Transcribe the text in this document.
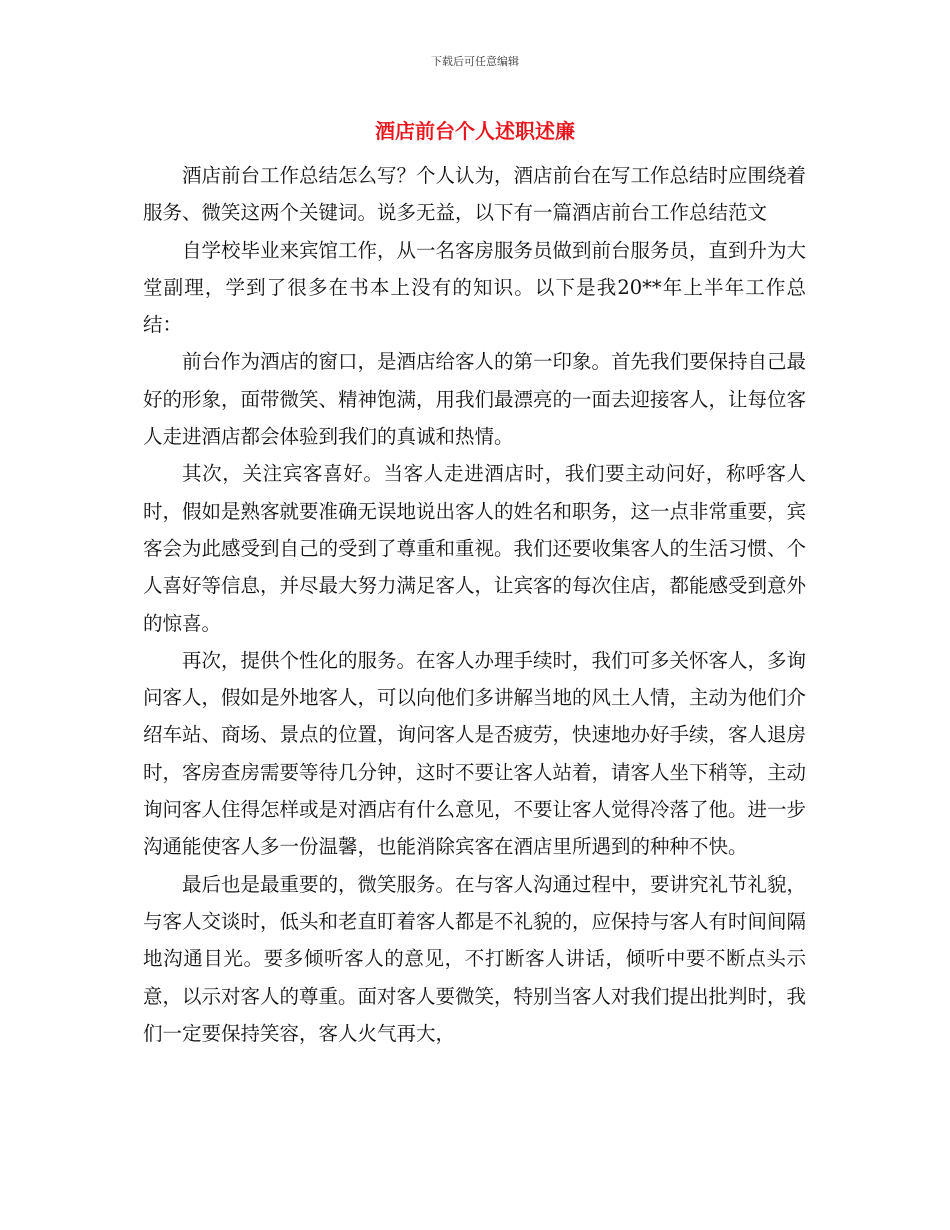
下载后可任意编辑
酒店前台个人述职述廉

酒店前台工作总结怎么写？个人认为，酒店前台在写工作总结时应围绕着服务、微笑这两个关键词。说多无益，以下有一篇酒店前台工作总结范文

自学校毕业来宾馆工作，从一名客房服务员做到前台服务员，直到升为大堂副理，学到了很多在书本上没有的知识。以下是我20**年上半年工作总结：

前台作为酒店的窗口，是酒店给客人的第一印象。首先我们要保持自己最好的形象，面带微笑、精神饱满，用我们最漂亮的一面去迎接客人，让每位客人走进酒店都会体验到我们的真诚和热情。

其次，关注宾客喜好。当客人走进酒店时，我们要主动问好，称呼客人时，假如是熟客就要准确无误地说出客人的姓名和职务，这一点非常重要，宾客会为此感受到自己的受到了尊重和重视。我们还要收集客人的生活习惯、个人喜好等信息，并尽最大努力满足客人，让宾客的每次住店，都能感受到意外的惊喜。

再次，提供个性化的服务。在客人办理手续时，我们可多关怀客人，多询问客人，假如是外地客人，可以向他们多讲解当地的风土人情，主动为他们介绍车站、商场、景点的位置，询问客人是否疲劳，快速地办好手续，客人退房时，客房查房需要等待几分钟，这时不要让客人站着，请客人坐下稍等，主动询问客人住得怎样或是对酒店有什么意见，不要让客人觉得冷落了他。进一步沟通能使客人多一份温馨，也能消除宾客在酒店里所遇到的种种不快。

最后也是最重要的，微笑服务。在与客人沟通过程中，要讲究礼节礼貌，与客人交谈时，低头和老直盯着客人都是不礼貌的，应保持与客人有时间间隔地沟通目光。要多倾听客人的意见，不打断客人讲话，倾听中要不断点头示意，以示对客人的尊重。面对客人要微笑，特别当客人对我们提出批判时，我们一定要保持笑容，客人火气再大，
